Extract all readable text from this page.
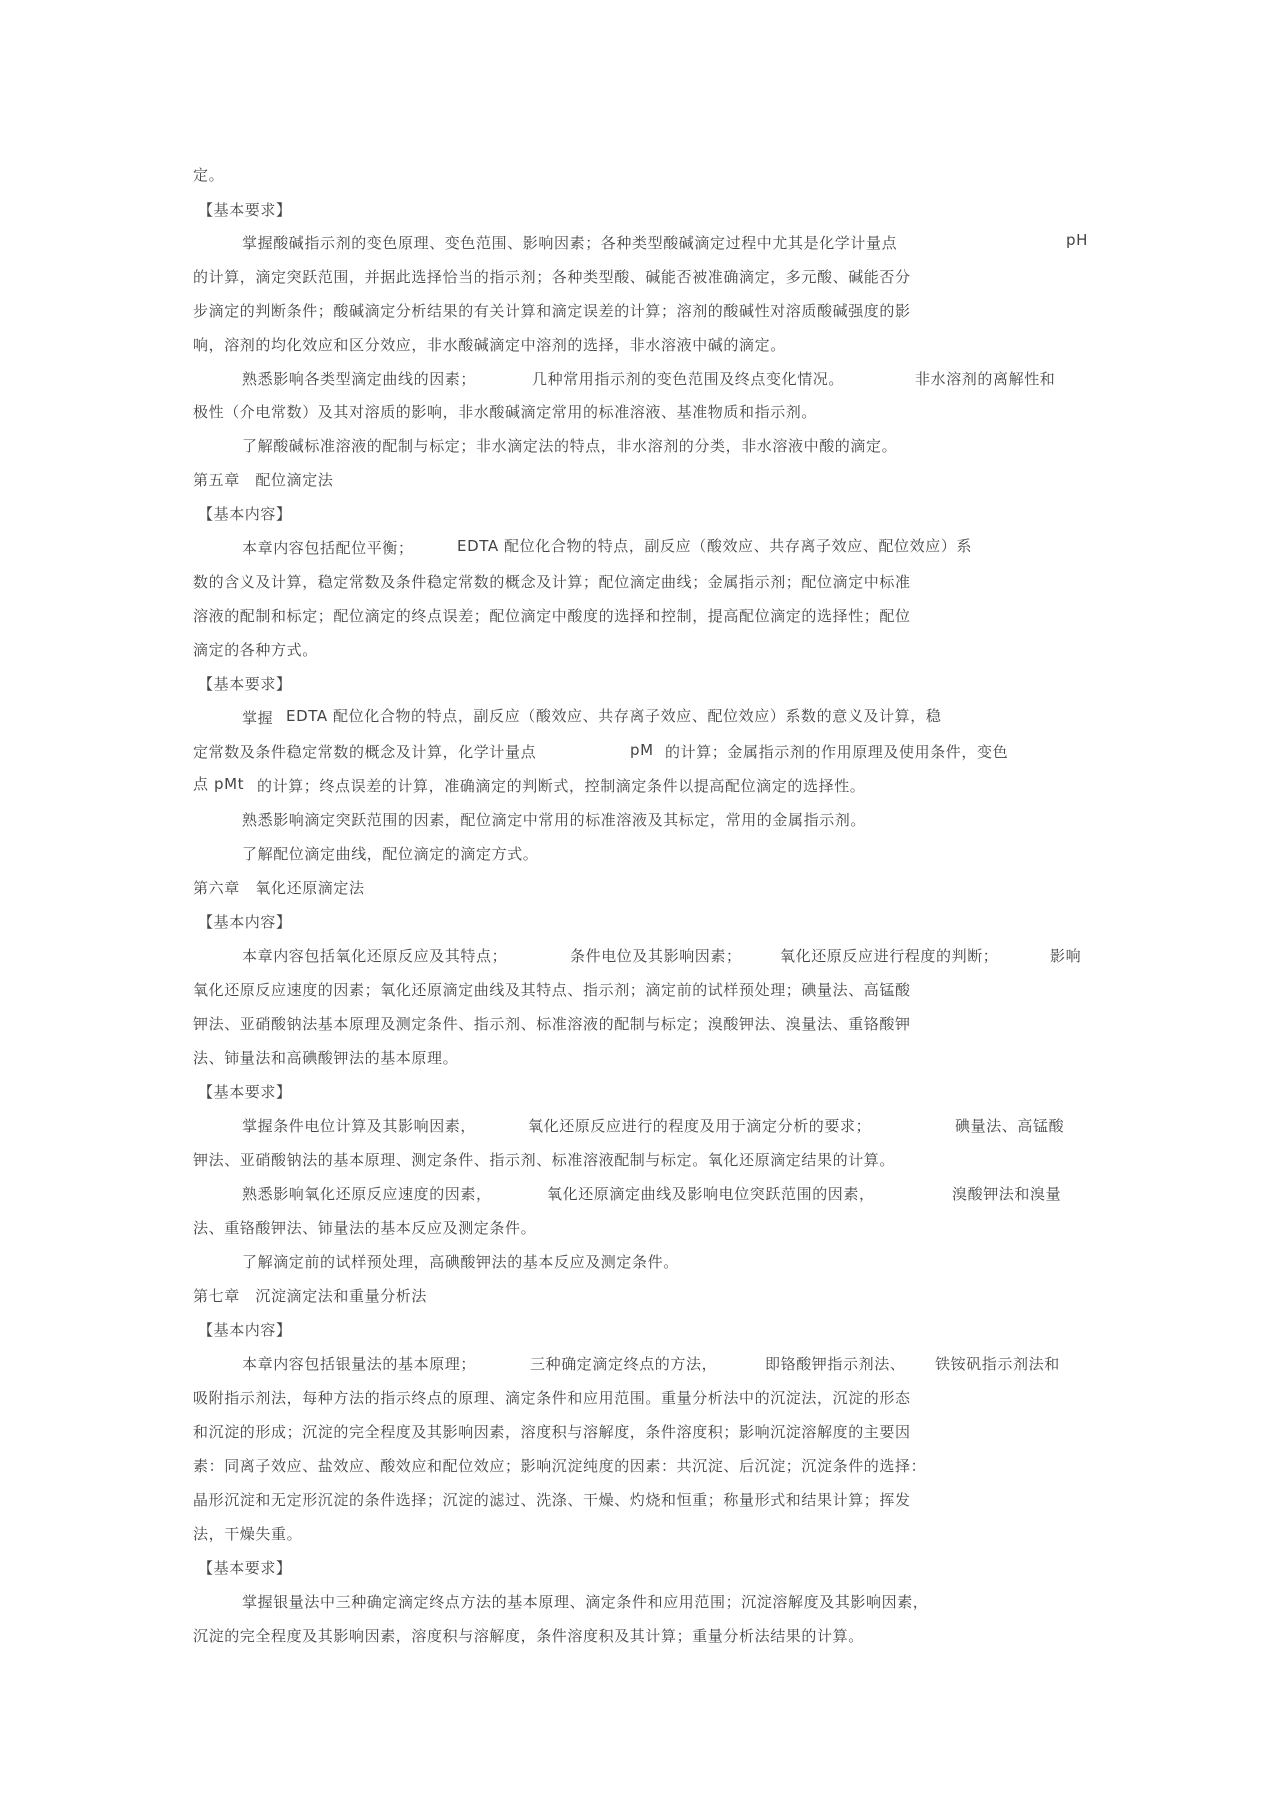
定。
【基本要求】
掌握酸碱指示剂的变色原理、变色范围、影响因素；各种类型酸碱滴定过程中尤其是化学计量点	pH
的计算，滴定突跃范围，并据此选择恰当的指示剂；各种类型酸、碱能否被准确滴定，多元酸、碱能否分
步滴定的判断条件；酸碱滴定分析结果的有关计算和滴定误差的计算；溶剂的酸碱性对溶质酸碱强度的影
响，溶剂的均化效应和区分效应，非水酸碱滴定中溶剂的选择，非水溶液中碱的滴定。
熟悉影响各类型滴定曲线的因素；	几种常用指示剂的变色范围及终点变化情况。	非水溶剂的离解性和
极性（介电常数）及其对溶质的影响，非水酸碱滴定常用的标准溶液、基准物质和指示剂。
了解酸碱标准溶液的配制与标定；非水滴定法的特点，非水溶剂的分类，非水溶液中酸的滴定。
第五章　配位滴定法
【基本内容】
本章内容包括配位平衡；	EDTA 配位化合物的特点，副反应（酸效应、共存离子效应、配位效应）系
数的含义及计算，稳定常数及条件稳定常数的概念及计算；配位滴定曲线；金属指示剂；配位滴定中标准
溶液的配制和标定；配位滴定的终点误差；配位滴定中酸度的选择和控制，提高配位滴定的选择性；配位
滴定的各种方式。
【基本要求】
掌握 EDTA 配位化合物的特点，副反应（酸效应、共存离子效应、配位效应）系数的意义及计算，稳
定常数及条件稳定常数的概念及计算，化学计量点	pM 的计算；金属指示剂的作用原理及使用条件，变色
点 pMt 的计算；终点误差的计算，准确滴定的判断式，控制滴定条件以提高配位滴定的选择性。
熟悉影响滴定突跃范围的因素，配位滴定中常用的标准溶液及其标定，常用的金属指示剂。
了解配位滴定曲线，配位滴定的滴定方式。
第六章　氧化还原滴定法
【基本内容】
本章内容包括氧化还原反应及其特点；	条件电位及其影响因素；	氧化还原反应进行程度的判断；	影响
氧化还原反应速度的因素；氧化还原滴定曲线及其特点、指示剂；滴定前的试样预处理；碘量法、高锰酸
钾法、亚硝酸钠法基本原理及测定条件、指示剂、标准溶液的配制与标定；溴酸钾法、溴量法、重铬酸钾
法、铈量法和高碘酸钾法的基本原理。
【基本要求】
掌握条件电位计算及其影响因素，	氧化还原反应进行的程度及用于滴定分析的要求；	碘量法、高锰酸
钾法、亚硝酸钠法的基本原理、测定条件、指示剂、标准溶液配制与标定。氧化还原滴定结果的计算。
熟悉影响氧化还原反应速度的因素，	氧化还原滴定曲线及影响电位突跃范围的因素，	溴酸钾法和溴量
法、重铬酸钾法、铈量法的基本反应及测定条件。
了解滴定前的试样预处理，高碘酸钾法的基本反应及测定条件。
第七章　沉淀滴定法和重量分析法
【基本内容】
本章内容包括银量法的基本原理；	三种确定滴定终点的方法，	即铬酸钾指示剂法、 铁铵矾指示剂法和
吸附指示剂法，每种方法的指示终点的原理、滴定条件和应用范围。重量分析法中的沉淀法，沉淀的形态
和沉淀的形成；沉淀的完全程度及其影响因素，溶度积与溶解度，条件溶度积；影响沉淀溶解度的主要因
素：同离子效应、盐效应、酸效应和配位效应；影响沉淀纯度的因素：共沉淀、后沉淀；沉淀条件的选择：
晶形沉淀和无定形沉淀的条件选择；沉淀的滤过、洗涤、干燥、灼烧和恒重；称量形式和结果计算；挥发
法，干燥失重。
【基本要求】
掌握银量法中三种确定滴定终点方法的基本原理、滴定条件和应用范围；沉淀溶解度及其影响因素，
沉淀的完全程度及其影响因素，溶度积与溶解度，条件溶度积及其计算；重量分析法结果的计算。
